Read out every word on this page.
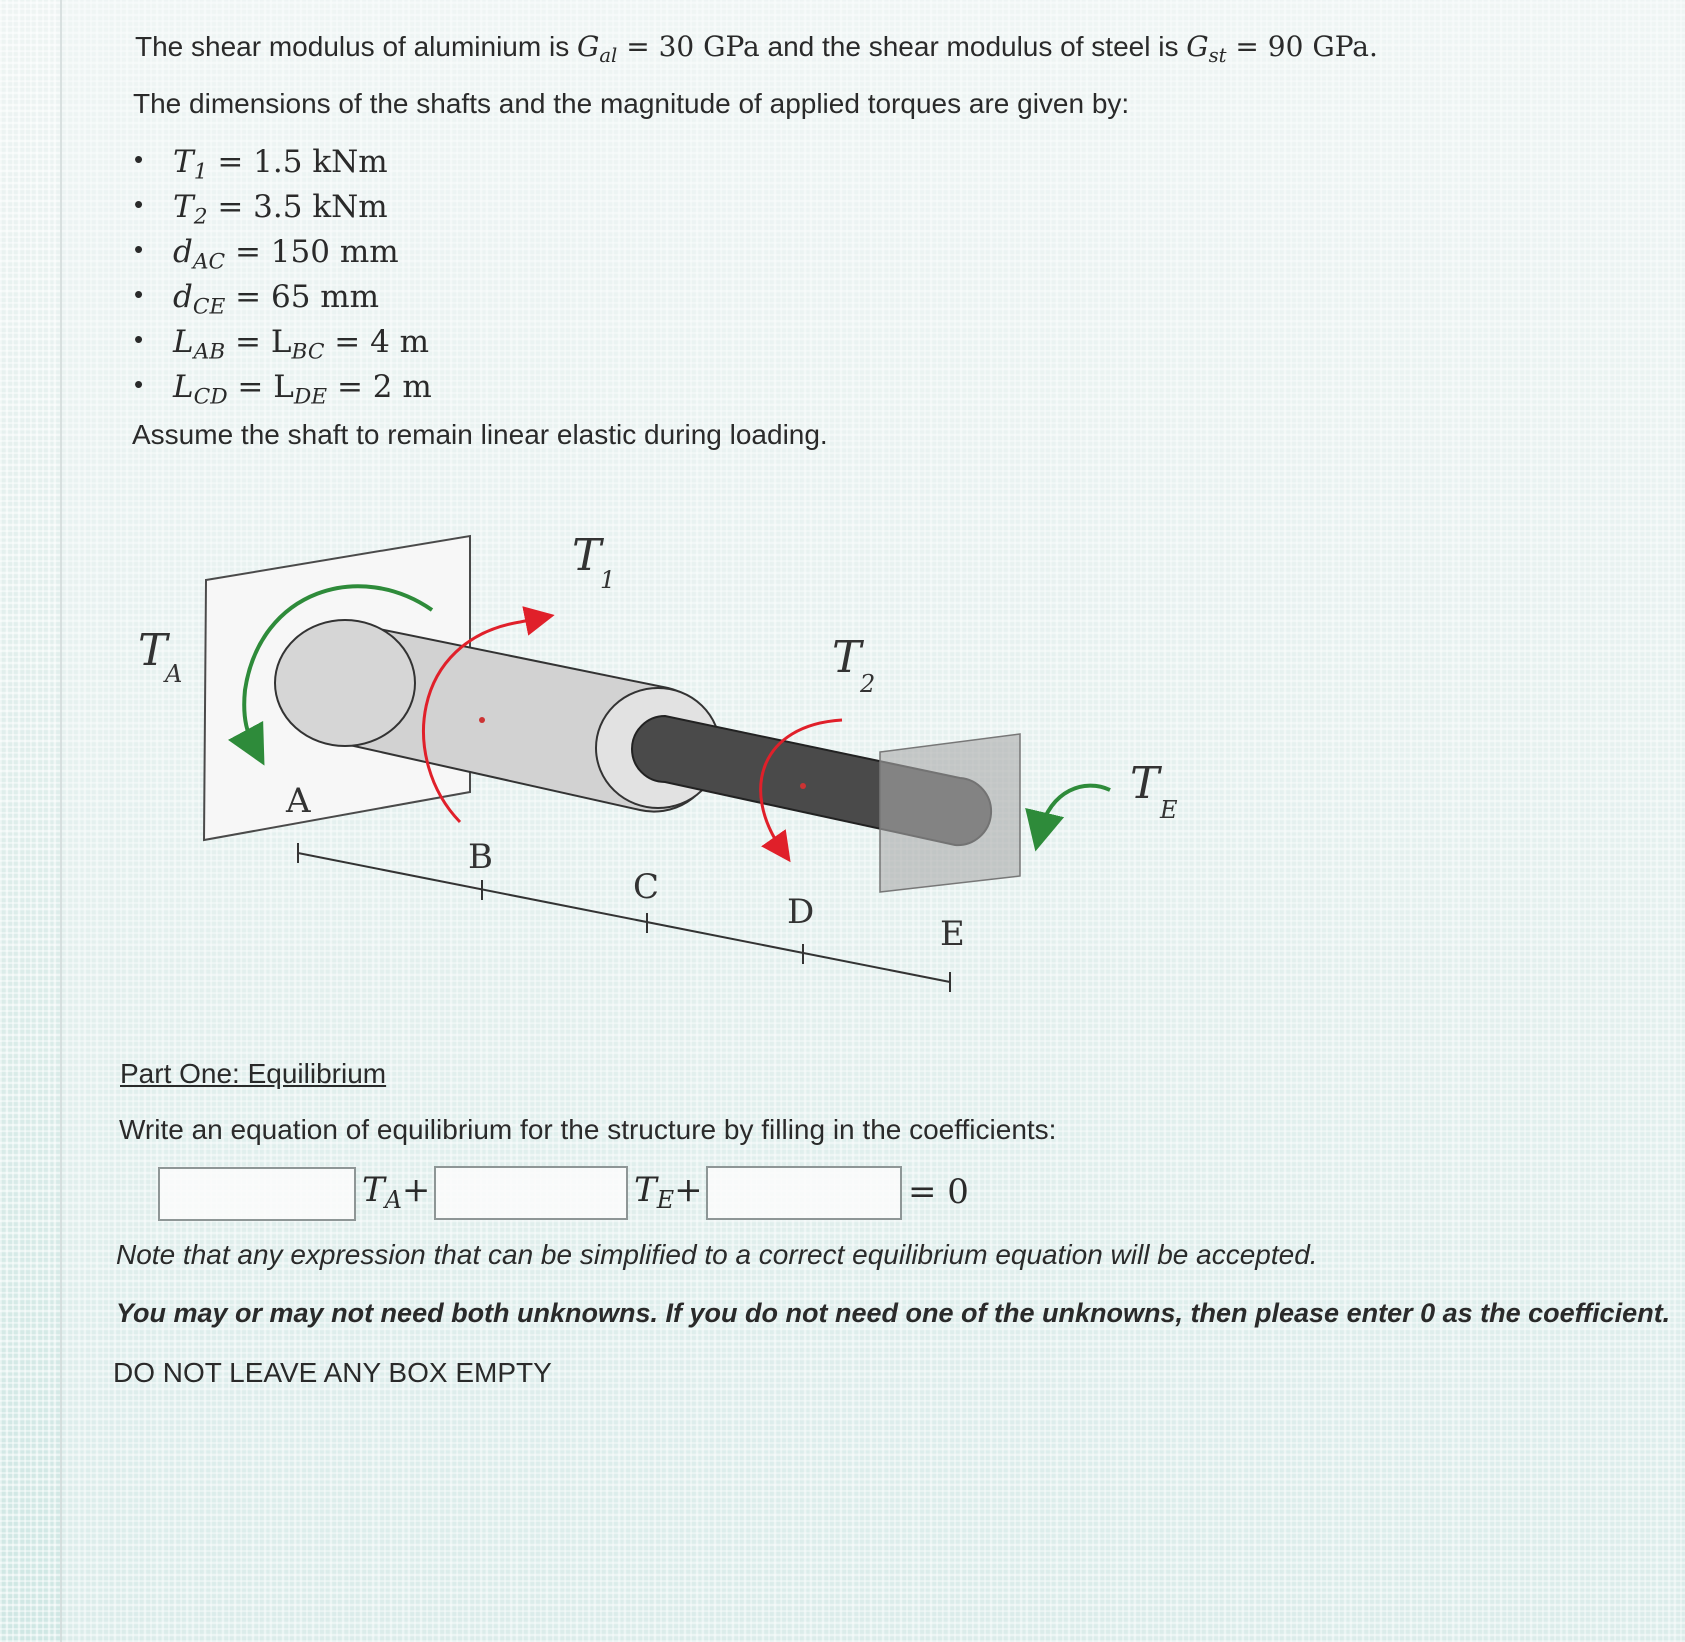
The shear modulus of aluminium is $G_{al} = 30$ GPa and the shear modulus of steel is $G_{st} = 90$ GPa.
The dimensions of the shafts and the magnitude of applied torques are given by:
• $T_1 = 1.5$ kNm
• $T_2 = 3.5$ kNm
• $d_{AC} = 150$ mm
• $d_{CE} = 65$ mm
• $L_{AB} = L_{BC} = 4$ m
• $L_{CD} = L_{DE} = 2$ m
Assume the shaft to remain linear elastic during loading.
T
A
T
1
T
2
T
E
A
B
C
D
E
Part One: Equilibrium
Write an equation of equilibrium for the structure by filling in the coefficients:
$T_A+$	$T_E+$	= 0
Note that any expression that can be simplified to a correct equilibrium equation will be accepted.
You may or may not need both unknowns. If you do not need one of the unknowns, then please enter 0 as the coefficient.
DO NOT LEAVE ANY BOX EMPTY
